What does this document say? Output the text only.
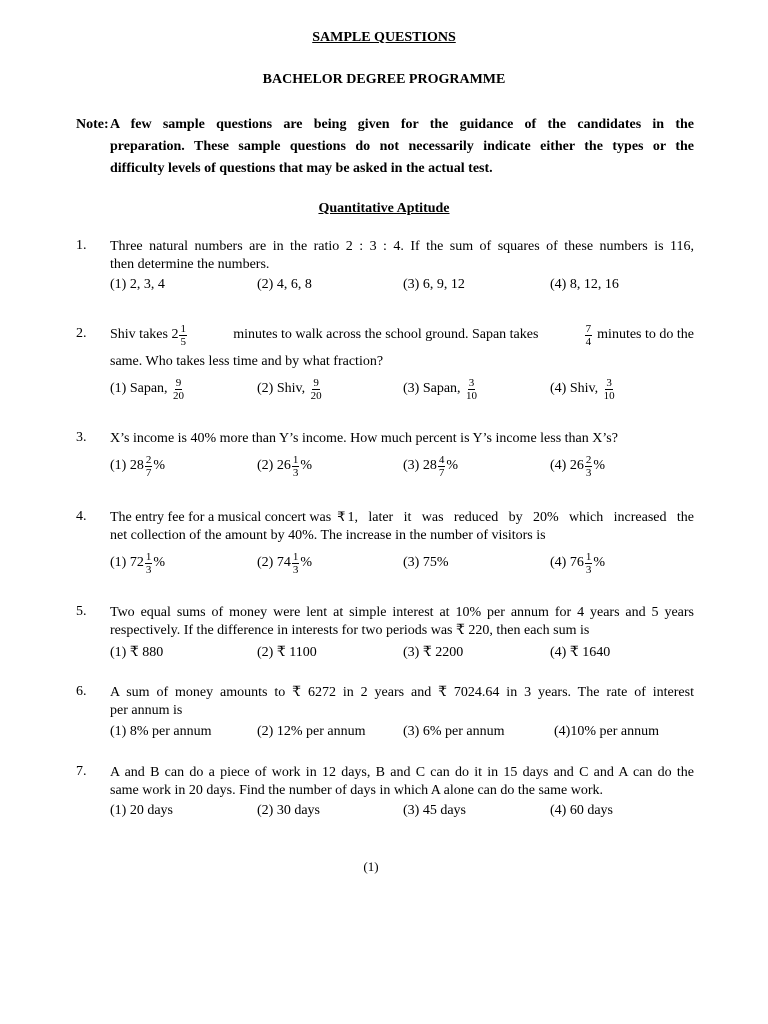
SAMPLE QUESTIONS
BACHELOR DEGREE PROGRAMME
Note: A few sample questions are being given for the guidance of the candidates in the
preparation. These sample questions do not necessarily indicate either the types or the
difficulty levels of questions that may be asked in the actual test.
Quantitative Aptitude
1. Three natural numbers are in the ratio 2 : 3 : 4. If the sum of squares of these numbers is 116,
then determine the numbers.
(1) 2, 3, 4	(2) 4, 6, 8	(3) 6, 9, 12	(4) 8, 12, 16
2. Shiv takes $2 \frac{1}{5}$	minutes to walk across the school ground. Sapan takes	$\frac{7}{4}$ minutes to do the
same. Who takes less time and by what fraction?
(1) Sapan,
$\frac{9}{20}$	(2) Shiv,
$\frac{9}{20}$	(3) Sapan,
$\frac{3}{10}$	(4) Shiv,
$\frac{3}{10}$
3. X’s income is 40% more than Y’s income. How much percent is Y’s income less than X’s?
(1) $28 \frac{2}{7}$ %	(2) $26 \frac{1}{3}$ %	(3) $28 \frac{4}{7}$ %	(4) $26 \frac{2}{3}$ %
4. The entry fee for a musical concert was ₹ 1, later it was reduced by 20% which increased the
net collection of the amount by 40%. The increase in the number of visitors is
(1) $72 \frac{1}{3}$ %	(2) $74 \frac{1}{3}$ %	(3) 75%	(4) $76 \frac{1}{3}$ %
5. Two equal sums of money were lent at simple interest at 10% per annum for 4 years and 5 years
respectively. If the difference in interests for two periods was ₹ 220, then each sum is
(1) ₹ 880	(2) ₹ 1100	(3) ₹ 2200	(4) ₹ 1640
6. A sum of money amounts to ₹ 6272 in 2 years and ₹ 7024.64 in 3 years. The rate of interest
per annum is
(1) 8% per annum	(2) 12% per annum	(3) 6% per annum	(4)10% per annum
7. A and B can do a piece of work in 12 days, B and C can do it in 15 days and C and A can do the
same work in 20 days. Find the number of days in which A alone can do the same work.
(1) 20 days	(2) 30 days	(3) 45 days	(4) 60 days
(1)
